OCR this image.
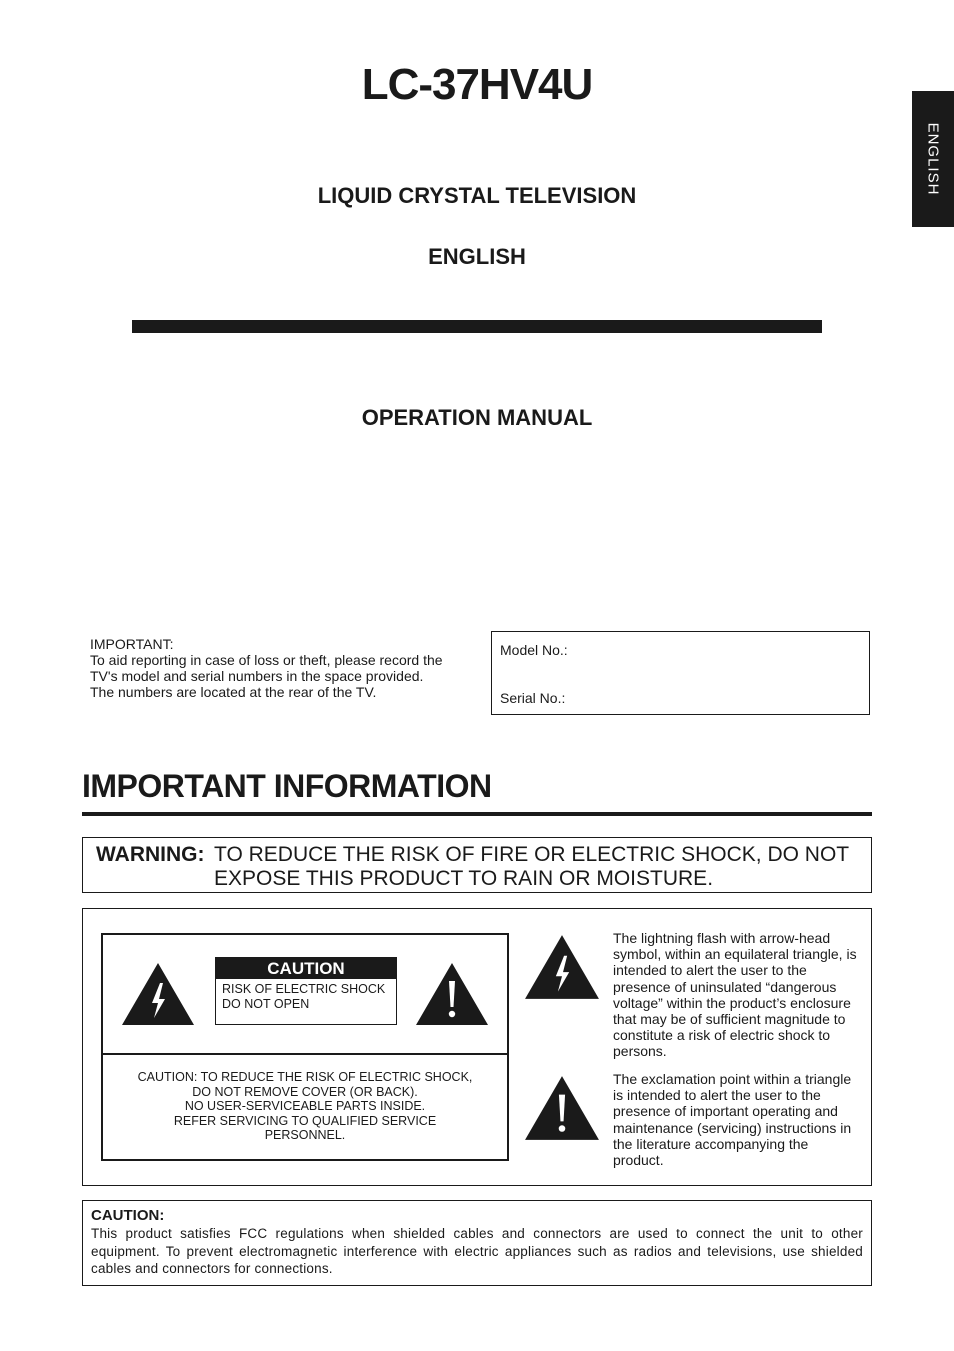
LC-37HV4U
LIQUID CRYSTAL TELEVISION
ENGLISH
ENGLISH
OPERATION MANUAL
IMPORTANT:
To aid reporting in case of loss or theft, please record the TV's model and serial numbers in the space provided. The numbers are located at the rear of the TV.
Model No.:
Serial No.:
IMPORTANT INFORMATION
WARNING: TO REDUCE THE RISK OF FIRE OR ELECTRIC SHOCK, DO NOT EXPOSE THIS PRODUCT TO RAIN OR MOISTURE.
CAUTION
RISK OF ELECTRIC SHOCK
DO NOT OPEN
CAUTION: TO REDUCE THE RISK OF ELECTRIC SHOCK,
DO NOT REMOVE COVER (OR BACK).
NO USER-SERVICEABLE PARTS INSIDE.
REFER SERVICING TO QUALIFIED SERVICE
PERSONNEL.
The lightning flash with arrow-head symbol, within an equilateral triangle, is intended to alert the user to the presence of uninsulated “dangerous voltage” within the product’s enclosure that may be of sufficient magnitude to constitute a risk of electric shock to persons.
The exclamation point within a triangle is intended to alert the user to the presence of important operating and maintenance (servicing) instructions in the literature accompanying the product.
CAUTION:
This product satisfies FCC regulations when shielded cables and connectors are used to connect the unit to other equipment. To prevent electromagnetic interference with electric appliances such as radios and televisions, use shielded cables and connectors for connections.
